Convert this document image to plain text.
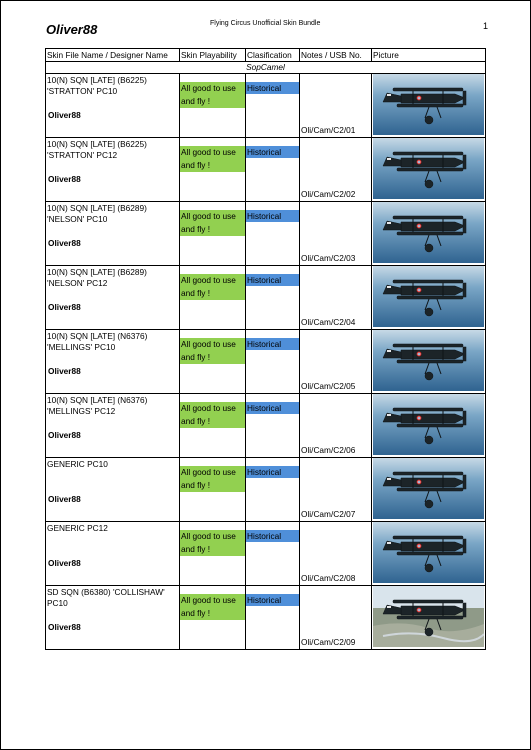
Oliver88	Flying Circus Unofficial Skin Bundle	1
Skin File Name / Designer Name	Skin Playability	Clasification	Notes / USB No.	Picture
SopCamel				

10(N) SQN [LATE] (B6225)
'STRATTON' PC10
Oliver88	All good to use and fly !	Historical	Oli/Cam/C2/01

10(N) SQN [LATE] (B6225)
'STRATTON' PC12
Oliver88	All good to use and fly !	Historical	Oli/Cam/C2/02

10(N) SQN [LATE] (B6289)
'NELSON' PC10
Oliver88	All good to use and fly !	Historical	Oli/Cam/C2/03

10(N) SQN [LATE] (B6289)
'NELSON' PC12
Oliver88	All good to use and fly !	Historical	Oli/Cam/C2/04

10(N) SQN [LATE] (N6376)
'MELLINGS' PC10
Oliver88	All good to use and fly !	Historical	Oli/Cam/C2/05

10(N) SQN [LATE] (N6376)
'MELLINGS' PC12
Oliver88	All good to use and fly !	Historical	Oli/Cam/C2/06

GENERIC PC10
Oliver88	All good to use and fly !	Historical	Oli/Cam/C2/07

GENERIC PC12
Oliver88	All good to use and fly !	Historical	Oli/Cam/C2/08

SD SQN (B6380) 'COLLISHAW'
PC10
Oliver88	All good to use and fly !	Historical	Oli/Cam/C2/09
